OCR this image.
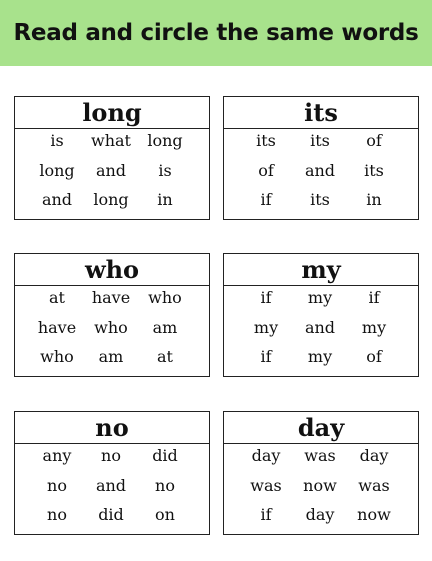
Read and circle the same words
long
is	what	long
long	and	is
and	long	in
its
its	its	of
of	and	its
if	its	in
who
at	have	who
have	who	am
who	am	at
my
if	my	if
my	and	my
if	my	of
no
any	no	did
no	and	no
no	did	on
day
day	was	day
was	now	was
if	day	now
